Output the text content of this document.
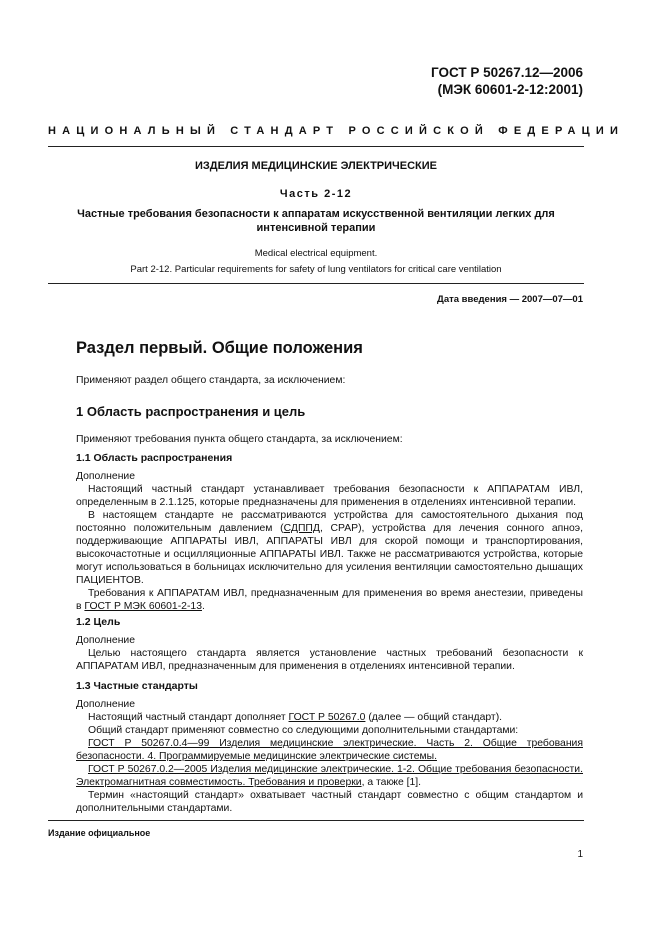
ГОСТ Р 50267.12—2006
(МЭК 60601-2-12:2001)
НАЦИОНАЛЬНЫЙ СТАНДАРТ РОССИЙСКОЙ ФЕДЕРАЦИИ
ИЗДЕЛИЯ МЕДИЦИНСКИЕ ЭЛЕКТРИЧЕСКИЕ
Часть 2-12
Частные требования безопасности к аппаратам искусственной вентиляции легких для интенсивной терапии
Medical electrical equipment.
Part 2-12. Particular requirements for safety of lung ventilators for critical care ventilation
Дата введения — 2007—07—01
Раздел первый. Общие положения
Применяют раздел общего стандарта, за исключением:
1 Область распространения и цель
Применяют требования пункта общего стандарта, за исключением:
1.1 Область распространения

Дополнение

Настоящий частный стандарт устанавливает требования безопасности к АППАРАТАМ ИВЛ, определенным в 2.1.125, которые предназначены для применения в отделениях интенсивной терапии.

В настоящем стандарте не рассматриваются устройства для самостоятельного дыхания под постоянно положительным давлением (СДППД, CPAP), устройства для лечения сонного апноэ, поддерживающие АППАРАТЫ ИВЛ, АППАРАТЫ ИВЛ для скорой помощи и транспортирования, высокочастотные и осцилляционные АППАРАТЫ ИВЛ. Также не рассматриваются устройства, которые могут использоваться в больницах исключительно для усиления вентиляции самостоятельно дышащих ПАЦИЕНТОВ.

Требования к АППАРАТАМ ИВЛ, предназначенным для применения во время анестезии, приведены в ГОСТ Р МЭК 60601-2-13.

1.2 Цель

Дополнение

Целью настоящего стандарта является установление частных требований безопасности к АППАРАТАМ ИВЛ, предназначенным для применения в отделениях интенсивной терапии.

1.3 Частные стандарты

Дополнение

Настоящий частный стандарт дополняет ГОСТ Р 50267.0 (далее — общий стандарт).

Общий стандарт применяют совместно со следующими дополнительными стандартами:

ГОСТ Р 50267.0.4—99 Изделия медицинские электрические. Часть 2. Общие требования безопасности. 4. Программируемые медицинские электрические системы.

ГОСТ Р 50267.0.2—2005 Изделия медицинские электрические. 1-2. Общие требования безопасности. Электромагнитная совместимость. Требования и проверки, а также [1].

Термин «настоящий стандарт» охватывает частный стандарт совместно с общим стандартом и дополнительными стандартами.

Издание официальное
1
